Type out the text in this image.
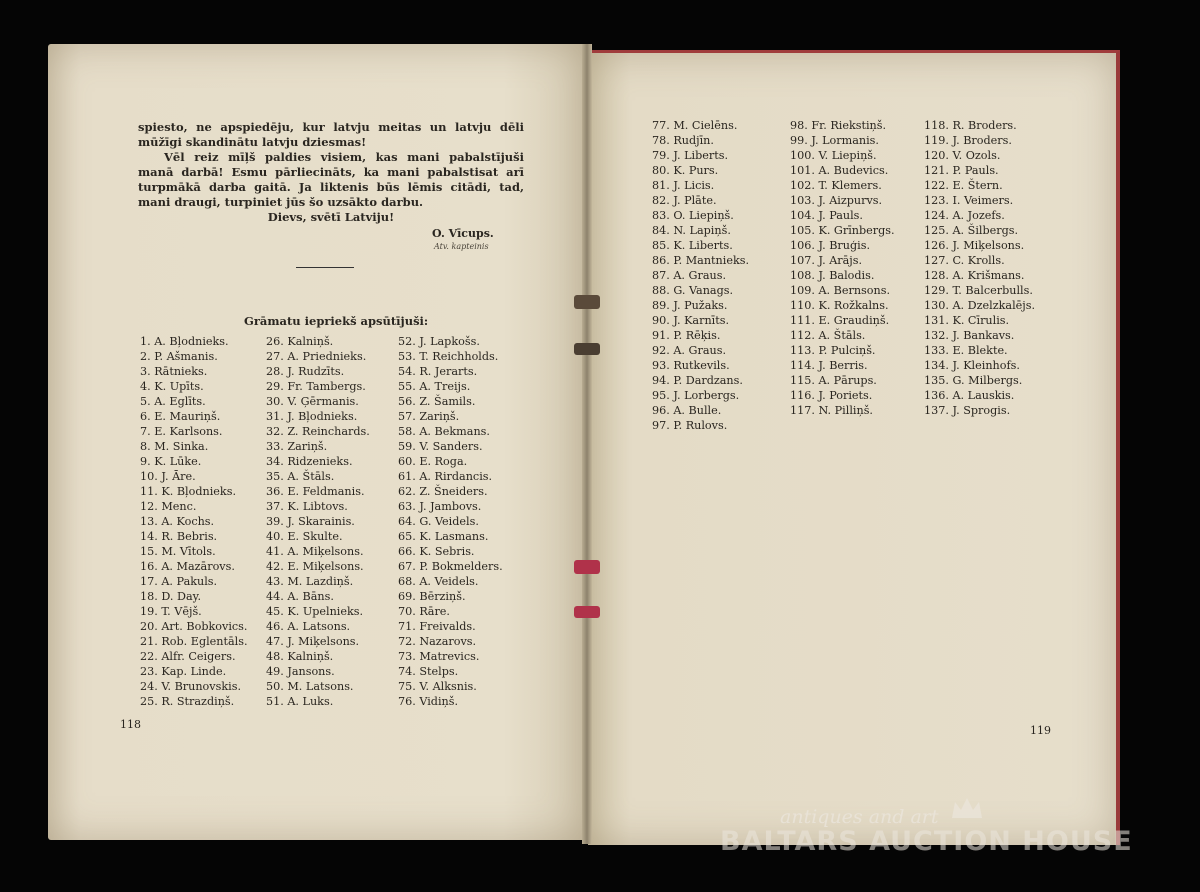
spiesto, ne apspiedēju, kur latvju meitas un latvju dēli mūžīgi skandinātu latvju dziesmas!

Vēl reiz mīļš paldies visiem, kas mani pabalstījuši manā darbā! Esmu pārliecināts, ka mani pabalstisat arī turpmākā darba gaitā. Ja liktenis būs lēmis citādi, tad, mani draugi, turpiniet jūs šo uzsākto darbu.

Dievs, svētī Latviju!

O. Vīcups.
Atv. kapteinis
Grāmatu iepriekš apsūtījuši:
1. A. Bļodnieks.
2. P. Ašmanis.
3. Rātnieks.
4. K. Upīts.
5. A. Eglīts.
6. E. Mauriņš.
7. E. Karlsons.
8. M. Sinka.
9. K. Lūke.
10. J. Āre.
11. K. Bļodnieks.
12. Menc.
13. A. Kochs.
14. R. Bebris.
15. M. Vītols.
16. A. Mazārovs.
17. A. Pakuls.
18. D. Day.
19. T. Vējš.
20. Art. Bobkovics.
21. Rob. Eglentāls.
22. Alfr. Ceigers.
23. Kap. Linde.
24. V. Brunovskis.
25. R. Strazdiņš.
26. Kalniņš.
27. A. Priednieks.
28. J. Rudzīts.
29. Fr. Tambergs.
30. V. Ģērmanis.
31. J. Bļodnieks.
32. Z. Reinchards.
33. Zariņš.
34. Ridzenieks.
35. A. Štāls.
36. E. Feldmanis.
37. K. Libtovs.
39. J. Skarainis.
40. E. Skulte.
41. A. Miķelsons.
42. E. Miķelsons.
43. M. Lazdiņš.
44. A. Bāns.
45. K. Upelnieks.
46. A. Latsons.
47. J. Miķelsons.
48. Kalniņš.
49. Jansons.
50. M. Latsons.
51. A. Luks.
52. J. Lapkošs.
53. T. Reichholds.
54. R. Jerarts.
55. A. Treijs.
56. Z. Šamils.
57. Zariņš.
58. A. Bekmans.
59. V. Sanders.
60. E. Roga.
61. A. Rirdancis.
62. Z. Šneiders.
63. J. Jambovs.
64. G. Veidels.
65. K. Lasmans.
66. K. Sebris.
67. P. Bokmelders.
68. A. Veidels.
69. Bērziņš.
70. Rāre.
71. Freivalds.
72. Nazarovs.
73. Matrevics.
74. Stelps.
75. V. Alksnis.
76. Vidiņš.
118
77. M. Cielēns.
78. Rudjīn.
79. J. Liberts.
80. K. Purs.
81. J. Licis.
82. J. Plāte.
83. O. Liepiņš.
84. N. Lapiņš.
85. K. Liberts.
86. P. Mantnieks.
87. A. Graus.
88. G. Vanags.
89. J. Pužaks.
90. J. Karnīts.
91. P. Rēķis.
92. A. Graus.
93. Rutkevils.
94. P. Dardzans.
95. J. Lorbergs.
96. A. Bulle.
97. P. Rulovs.
98. Fr. Riekstiņš.
99. J. Lormanis.
100. V. Liepiņš.
101. A. Budevics.
102. T. Klemers.
103. J. Aizpurvs.
104. J. Pauls.
105. K. Grīnbergs.
106. J. Bruģis.
107. J. Arājs.
108. J. Balodis.
109. A. Bernsons.
110. K. Rožkalns.
111. E. Graudiņš.
112. A. Štāls.
113. P. Pulciņš.
114. J. Berris.
115. A. Pārups.
116. J. Poriets.
117. N. Pilliņš.
118. R. Broders.
119. J. Broders.
120. V. Ozols.
121. P. Pauls.
122. E. Štern.
123. I. Veimers.
124. A. Jozefs.
125. A. Šilbergs.
126. J. Miķelsons.
127. C. Krolls.
128. A. Krišmans.
129. T. Balcerbulls.
130. A. Dzelzkalējs.
131. K. Cīrulis.
132. J. Bankavs.
133. E. Blekte.
134. J. Kleinhofs.
135. G. Milbergs.
136. A. Lauskis.
137. J. Sprogis.
119
antiques and art
BALTARS AUCTION HOUSE
